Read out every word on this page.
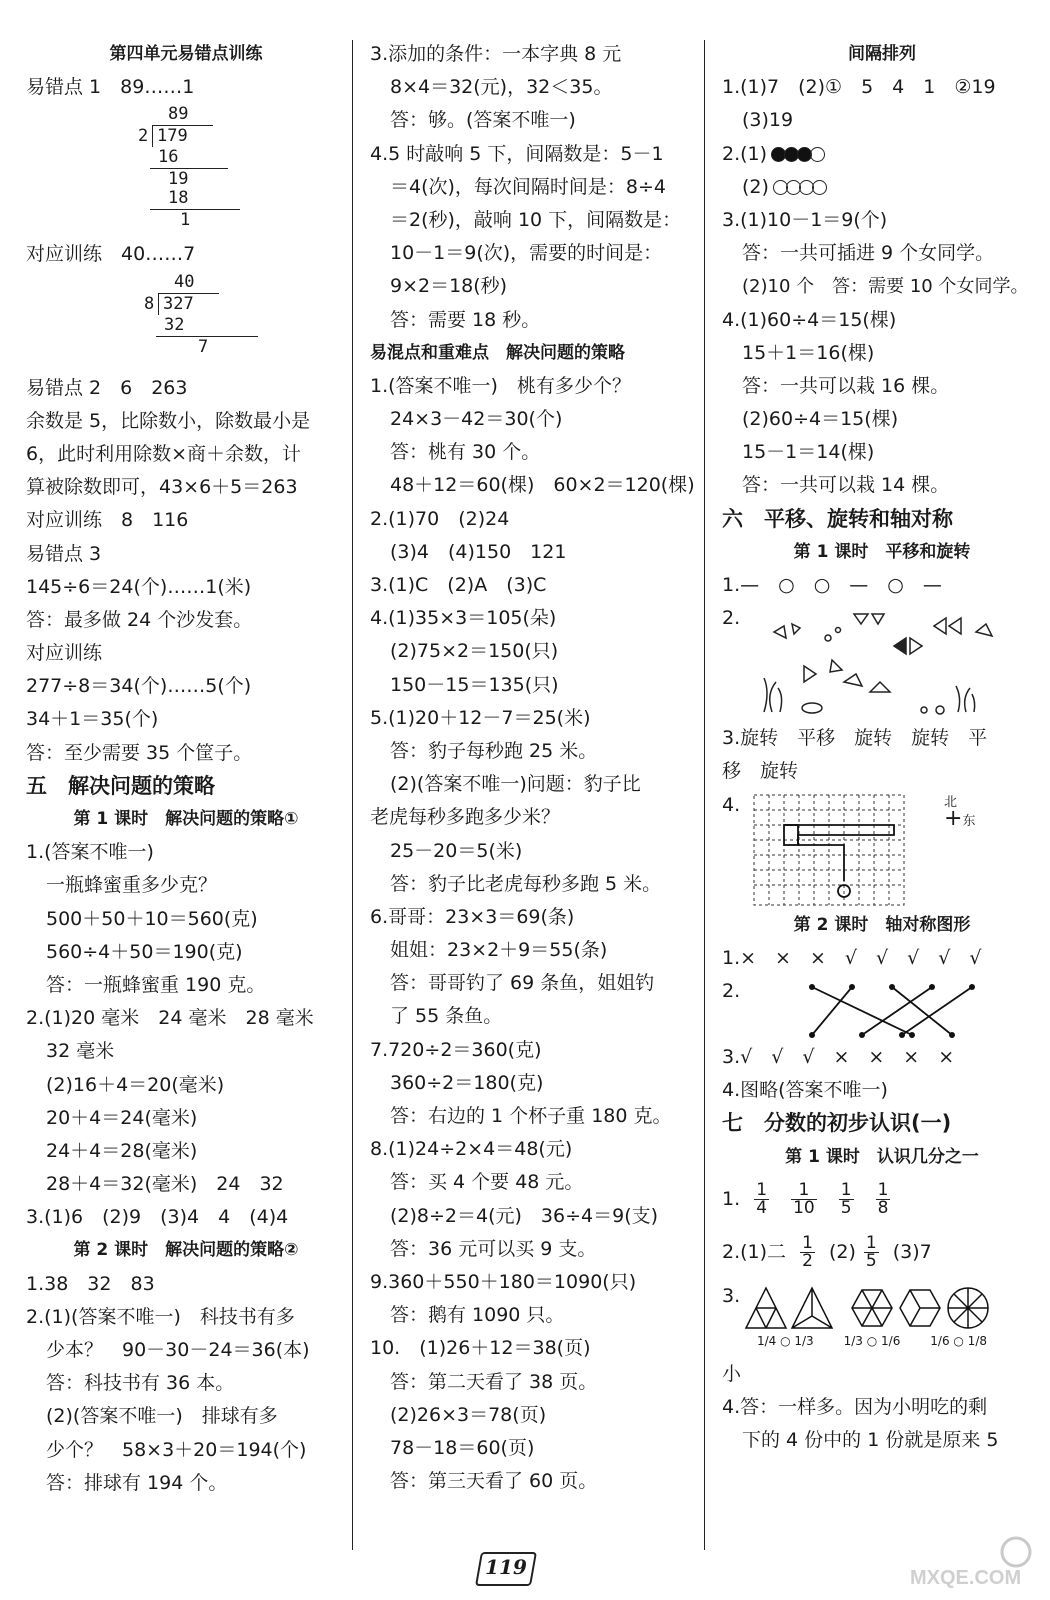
第四单元易错点训练
易错点 1　89……1
89
2 179
16
19
18
1
对应训练　40……7
40
8 327
32
7
易错点 2　6　263
余数是 5，比除数小，除数最小是
6，此时利用除数×商＋余数，计
算被除数即可，43×6＋5＝263
对应训练　8　116
易错点 3
145÷6＝24(个)……1(米)
答：最多做 24 个沙发套。
对应训练
277÷8＝34(个)……5(个)
34＋1＝35(个)
答：至少需要 35 个筐子。
五　解决问题的策略
第 1 课时　解决问题的策略①
1.(答案不唯一)
一瓶蜂蜜重多少克？
500＋50＋10＝560(克)
560÷4＋50＝190(克)
答：一瓶蜂蜜重 190 克。
2.(1)20 毫米　24 毫米　28 毫米
32 毫米
(2)16＋4＝20(毫米)
20＋4＝24(毫米)
24＋4＝28(毫米)
28＋4＝32(毫米)　24　32
3.(1)6　(2)9　(3)4　4　(4)4
第 2 课时　解决问题的策略②
1.38　32　83
2.(1)(答案不唯一)　科技书有多
少本？　90－30－24＝36(本)
答：科技书有 36 本。
(2)(答案不唯一)　排球有多
少个？　58×3＋20＝194(个)
答：排球有 194 个。
3.添加的条件：一本字典 8 元
8×4＝32(元)，32＜35。
答：够。(答案不唯一)
4.5 时敲响 5 下，间隔数是：5－1
＝4(次)，每次间隔时间是：8÷4
＝2(秒)，敲响 10 下，间隔数是：
10－1＝9(次)，需要的时间是：
9×2＝18(秒)
答：需要 18 秒。
易混点和重难点　解决问题的策略
1.(答案不唯一)　桃有多少个？
24×3－42＝30(个)
答：桃有 30 个。
48＋12＝60(棵)　60×2＝120(棵)
2.(1)70　(2)24
(3)4　(4)150　121
3.(1)C　(2)A　(3)C
4.(1)35×3＝105(朵)
(2)75×2＝150(只)
150－15＝135(只)
5.(1)20＋12－7＝25(米)
答：豹子每秒跑 25 米。
(2)(答案不唯一)问题：豹子比
老虎每秒多跑多少米？
25－20＝5(米)
答：豹子比老虎每秒多跑 5 米。
6.哥哥：23×3＝69(条)
姐姐：23×2＋9＝55(条)
答：哥哥钓了 69 条鱼，姐姐钓
了 55 条鱼。
7.720÷2＝360(克)
360÷2＝180(克)
答：右边的 1 个杯子重 180 克。
8.(1)24÷2×4＝48(元)
答：买 4 个要 48 元。
(2)8÷2＝4(元)　36÷4＝9(支)
答：36 元可以买 9 支。
9.360＋550＋180＝1090(只)
答：鹅有 1090 只。
10.　(1)26＋12＝38(页)
答：第二天看了 38 页。
(2)26×3＝78(页)
78－18＝60(页)
答：第三天看了 60 页。
间隔排列
1.(1)7　(2)①　5　4　1　②19
(3)19
2.(1)
(2)
3.(1)10－1＝9(个)
答：一共可插进 9 个女同学。
(2)10 个　答：需要 10 个女同学。
4.(1)60÷4＝15(棵)
15＋1＝16(棵)
答：一共可以栽 16 棵。
(2)60÷4＝15(棵)
15－1＝14(棵)
答：一共可以栽 14 棵。
六　平移、旋转和轴对称
第 1 课时　平移和旋转
1.—　○　○　—　○　—
2.
3.旋转　平移　旋转　旋转　平
移　旋转
4.	北
+东
第 2 课时　轴对称图形
1.×　×　×　√　√　√　√　√
2.
3.√　√　√　×　×　×　×
4.图略(答案不唯一)
七　分数的初步认识(一)
第 1 课时　认识几分之一
1. $\frac{1}{4}$
$\frac{1}{10}$
$\frac{1}{5}$
$\frac{1}{8}$
2.(1)二 $\frac{1}{2} (2) \frac{1}{5} (3)7$
3.
1/4 ○ 1/3 1/3 ○ 1/6 1/6 ○ 1/8
小
4.答：一样多。因为小明吃的剩
下的 4 份中的 1 份就是原来 5
119	MXQE.COM
